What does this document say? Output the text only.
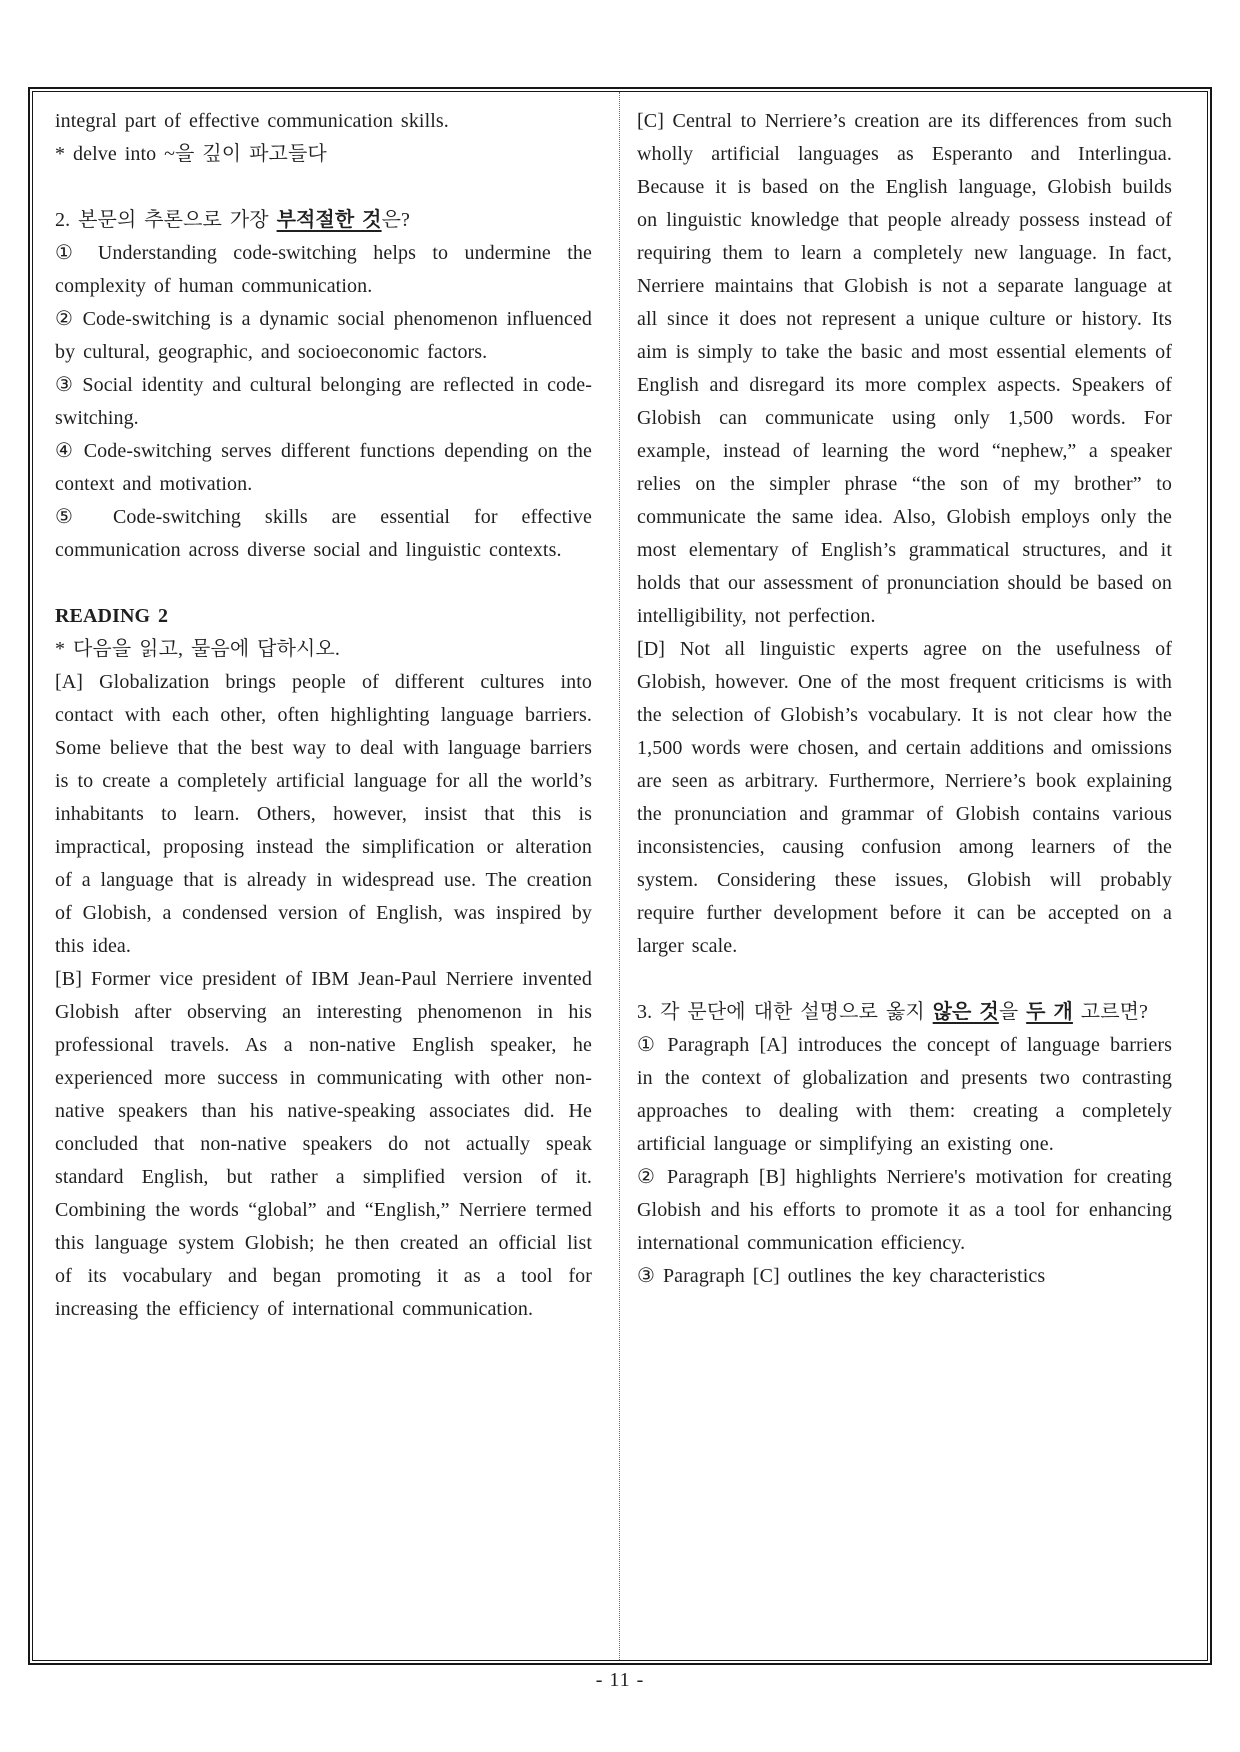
integral part of effective communication skills.

* delve into ~을 깊이 파고들다

2. 본문의 추론으로 가장 부적절한 것은?

① Understanding code-switching helps to undermine the complexity of human communication.

② Code-switching is a dynamic social phenomenon influenced by cultural, geographic, and socioeconomic factors.

③ Social identity and cultural belonging are reflected in code-switching.

④ Code-switching serves different functions depending on the context and motivation.

⑤ Code-switching skills are essential for effective communication across diverse social and linguistic contexts.

READING 2

* 다음을 읽고, 물음에 답하시오.

[A] Globalization brings people of different cultures into contact with each other, often highlighting language barriers. Some believe that the best way to deal with language barriers is to create a completely artificial language for all the world’s inhabitants to learn. Others, however, insist that this is impractical, proposing instead the simplification or alteration of a language that is already in widespread use. The creation of Globish, a condensed version of English, was inspired by this idea.

[B] Former vice president of IBM Jean-Paul Nerriere invented Globish after observing an interesting phenomenon in his professional travels. As a non-native English speaker, he experienced more success in communicating with other non-native speakers than his native-speaking associates did. He concluded that non-native speakers do not actually speak standard English, but rather a simplified version of it. Combining the words “global” and “English,” Nerriere termed this language system Globish; he then created an official list of its vocabulary and began promoting it as a tool for increasing the efficiency of international communication.

[C] Central to Nerriere’s creation are its differences from such wholly artificial languages as Esperanto and Interlingua. Because it is based on the English language, Globish builds on linguistic knowledge that people already possess instead of requiring them to learn a completely new language. In fact, Nerriere maintains that Globish is not a separate language at all since it does not represent a unique culture or history. Its aim is simply to take the basic and most essential elements of English and disregard its more complex aspects. Speakers of Globish can communicate using only 1,500 words. For example, instead of learning the word “nephew,” a speaker relies on the simpler phrase “the son of my brother” to communicate the same idea. Also, Globish employs only the most elementary of English’s grammatical structures, and it holds that our assessment of pronunciation should be based on intelligibility, not perfection.

[D] Not all linguistic experts agree on the usefulness of Globish, however. One of the most frequent criticisms is with the selection of Globish’s vocabulary. It is not clear how the 1,500 words were chosen, and certain additions and omissions are seen as arbitrary. Furthermore, Nerriere’s book explaining the pronunciation and grammar of Globish contains various inconsistencies, causing confusion among learners of the system. Considering these issues, Globish will probably require further development before it can be accepted on a larger scale.

3. 각 문단에 대한 설명으로 옳지 않은 것을 두 개 고르면?

① Paragraph [A] introduces the concept of language barriers in the context of globalization and presents two contrasting approaches to dealing with them: creating a completely artificial language or simplifying an existing one.

② Paragraph [B] highlights Nerriere's motivation for creating Globish and his efforts to promote it as a tool for enhancing international communication efficiency.

③ Paragraph [C] outlines the key characteristics

- 11 -
